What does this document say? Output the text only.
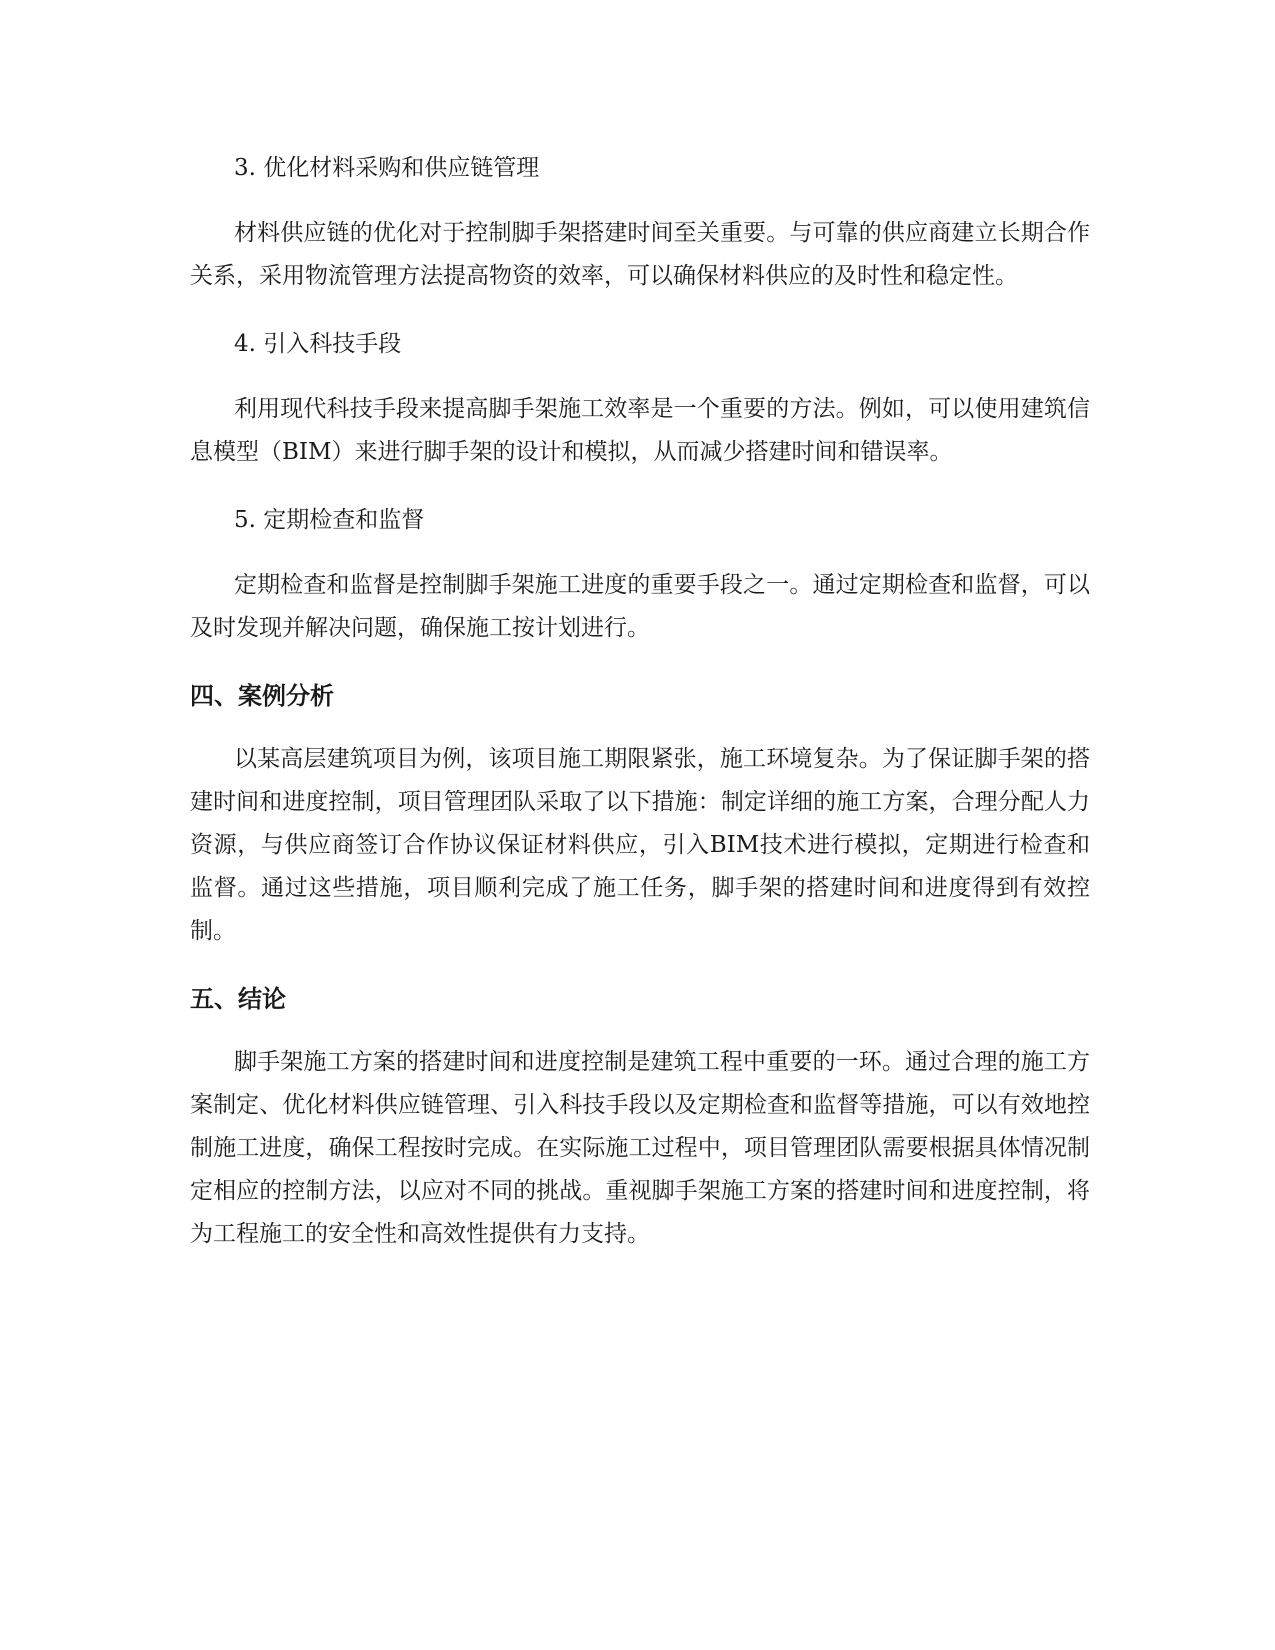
3. 优化材料采购和供应链管理

材料供应链的优化对于控制脚手架搭建时间至关重要。与可靠的供应商建立长期合作关系，采用物流管理方法提高物资的效率，可以确保材料供应的及时性和稳定性。

4. 引入科技手段

利用现代科技手段来提高脚手架施工效率是一个重要的方法。例如，可以使用建筑信息模型（BIM）来进行脚手架的设计和模拟，从而减少搭建时间和错误率。

5. 定期检查和监督

定期检查和监督是控制脚手架施工进度的重要手段之一。通过定期检查和监督，可以及时发现并解决问题，确保施工按计划进行。

四、案例分析

以某高层建筑项目为例，该项目施工期限紧张，施工环境复杂。为了保证脚手架的搭建时间和进度控制，项目管理团队采取了以下措施：制定详细的施工方案，合理分配人力资源，与供应商签订合作协议保证材料供应，引入BIM技术进行模拟，定期进行检查和监督。通过这些措施，项目顺利完成了施工任务，脚手架的搭建时间和进度得到有效控制。

五、结论

脚手架施工方案的搭建时间和进度控制是建筑工程中重要的一环。通过合理的施工方案制定、优化材料供应链管理、引入科技手段以及定期检查和监督等措施，可以有效地控制施工进度，确保工程按时完成。在实际施工过程中，项目管理团队需要根据具体情况制定相应的控制方法，以应对不同的挑战。重视脚手架施工方案的搭建时间和进度控制，将为工程施工的安全性和高效性提供有力支持。
